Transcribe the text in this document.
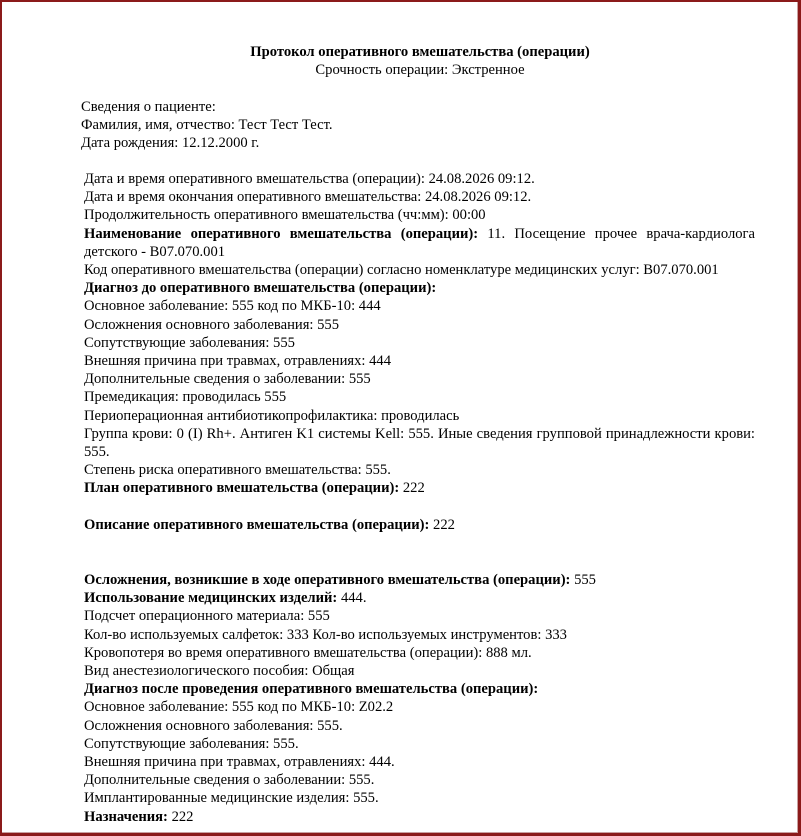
Протокол оперативного вмешательства (операции)
Срочность операции: Экстренное
Сведения о пациенте:
Фамилия, имя, отчество: Тест Тест Тест.
Дата рождения: 12.12.2000 г.
Дата и время оперативного вмешательства (операции): 24.08.2026 09:12.
Дата и время окончания оперативного вмешательства: 24.08.2026 09:12.
Продолжительность оперативного вмешательства (чч:мм): 00:00
Наименование оперативного вмешательства (операции): 11. Посещение прочее врача-кардиолога детского - B07.070.001
Код оперативного вмешательства (операции) согласно номенклатуре медицинских услуг: B07.070.001
Диагноз до оперативного вмешательства (операции):
Основное заболевание: 555 код по МКБ-10: 444
Осложнения основного заболевания: 555
Сопутствующие заболевания: 555
Внешняя причина при травмах, отравлениях: 444
Дополнительные сведения о заболевании: 555
Премедикация: проводилась 555
Периоперационная антибиотикопрофилактика: проводилась
Группа крови: 0 (I) Rh+. Антиген K1 системы Kell: 555. Иные сведения групповой принадлежности крови: 555.
Степень риска оперативного вмешательства: 555.
План оперативного вмешательства (операции): 222
Описание оперативного вмешательства (операции): 222
Осложнения, возникшие в ходе оперативного вмешательства (операции): 555
Использование медицинских изделий: 444.
Подсчет операционного материала: 555
Кол-во используемых салфеток: 333 Кол-во используемых инструментов: 333
Кровопотеря во время оперативного вмешательства (операции): 888 мл.
Вид анестезиологического пособия: Общая
Диагноз после проведения оперативного вмешательства (операции):
Основное заболевание: 555 код по МКБ-10: Z02.2
Осложнения основного заболевания: 555.
Сопутствующие заболевания: 555.
Внешняя причина при травмах, отравлениях: 444.
Дополнительные сведения о заболевании: 555.
Имплантированные медицинские изделия: 555.
Назначения: 222
